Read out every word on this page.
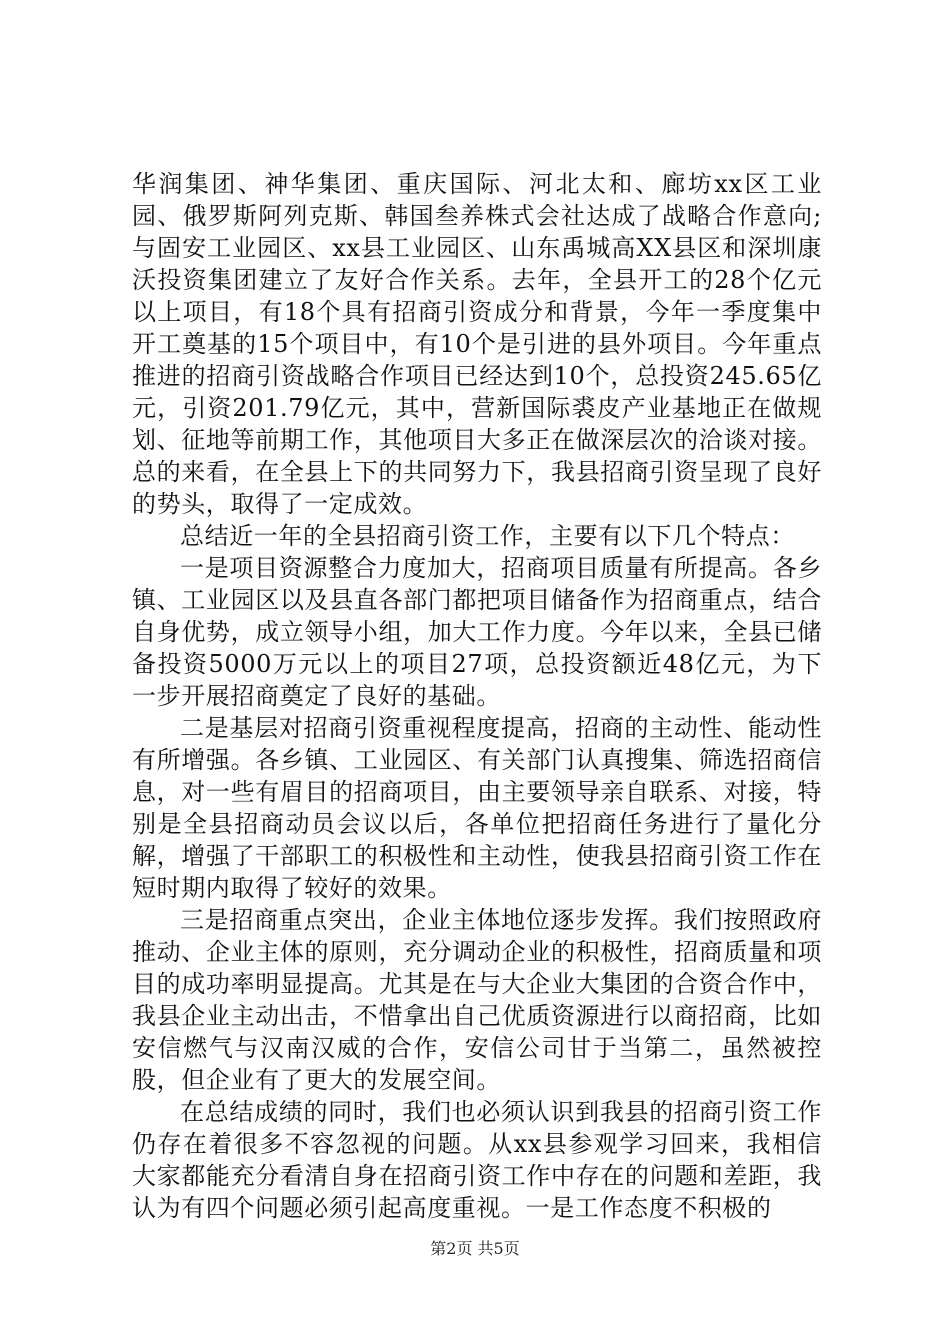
华润集团、神华集团、重庆国际、河北太和、廊坊xx区工业园、俄罗斯阿列克斯、韩国叁养株式会社达成了战略合作意向;与固安工业园区、xx县工业园区、山东禹城高XX县区和深圳康沃投资集团建立了友好合作关系。去年，全县开工的28个亿元以上项目，有18个具有招商引资成分和背景，今年一季度集中开工奠基的15个项目中，有10个是引进的县外项目。今年重点推进的招商引资战略合作项目已经达到10个，总投资245.65亿元，引资201.79亿元，其中，营新国际裘皮产业基地正在做规划、征地等前期工作，其他项目大多正在做深层次的洽谈对接。总的来看，在全县上下的共同努力下，我县招商引资呈现了良好的势头，取得了一定成效。

总结近一年的全县招商引资工作，主要有以下几个特点：

一是项目资源整合力度加大，招商项目质量有所提高。各乡镇、工业园区以及县直各部门都把项目储备作为招商重点，结合自身优势，成立领导小组，加大工作力度。今年以来，全县已储备投资5000万元以上的项目27项，总投资额近48亿元，为下一步开展招商奠定了良好的基础。

二是基层对招商引资重视程度提高，招商的主动性、能动性有所增强。各乡镇、工业园区、有关部门认真搜集、筛选招商信息，对一些有眉目的招商项目，由主要领导亲自联系、对接，特别是全县招商动员会议以后，各单位把招商任务进行了量化分解，增强了干部职工的积极性和主动性，使我县招商引资工作在短时期内取得了较好的效果。

三是招商重点突出，企业主体地位逐步发挥。我们按照政府推动、企业主体的原则，充分调动企业的积极性，招商质量和项目的成功率明显提高。尤其是在与大企业大集团的合资合作中，我县企业主动出击，不惜拿出自己优质资源进行以商招商，比如安信燃气与汉南汉威的合作，安信公司甘于当第二，虽然被控股，但企业有了更大的发展空间。

在总结成绩的同时，我们也必须认识到我县的招商引资工作仍存在着很多不容忽视的问题。从xx县参观学习回来，我相信大家都能充分看清自身在招商引资工作中存在的问题和差距，我认为有四个问题必须引起高度重视。一是工作态度不积极的

第2页 共5页
